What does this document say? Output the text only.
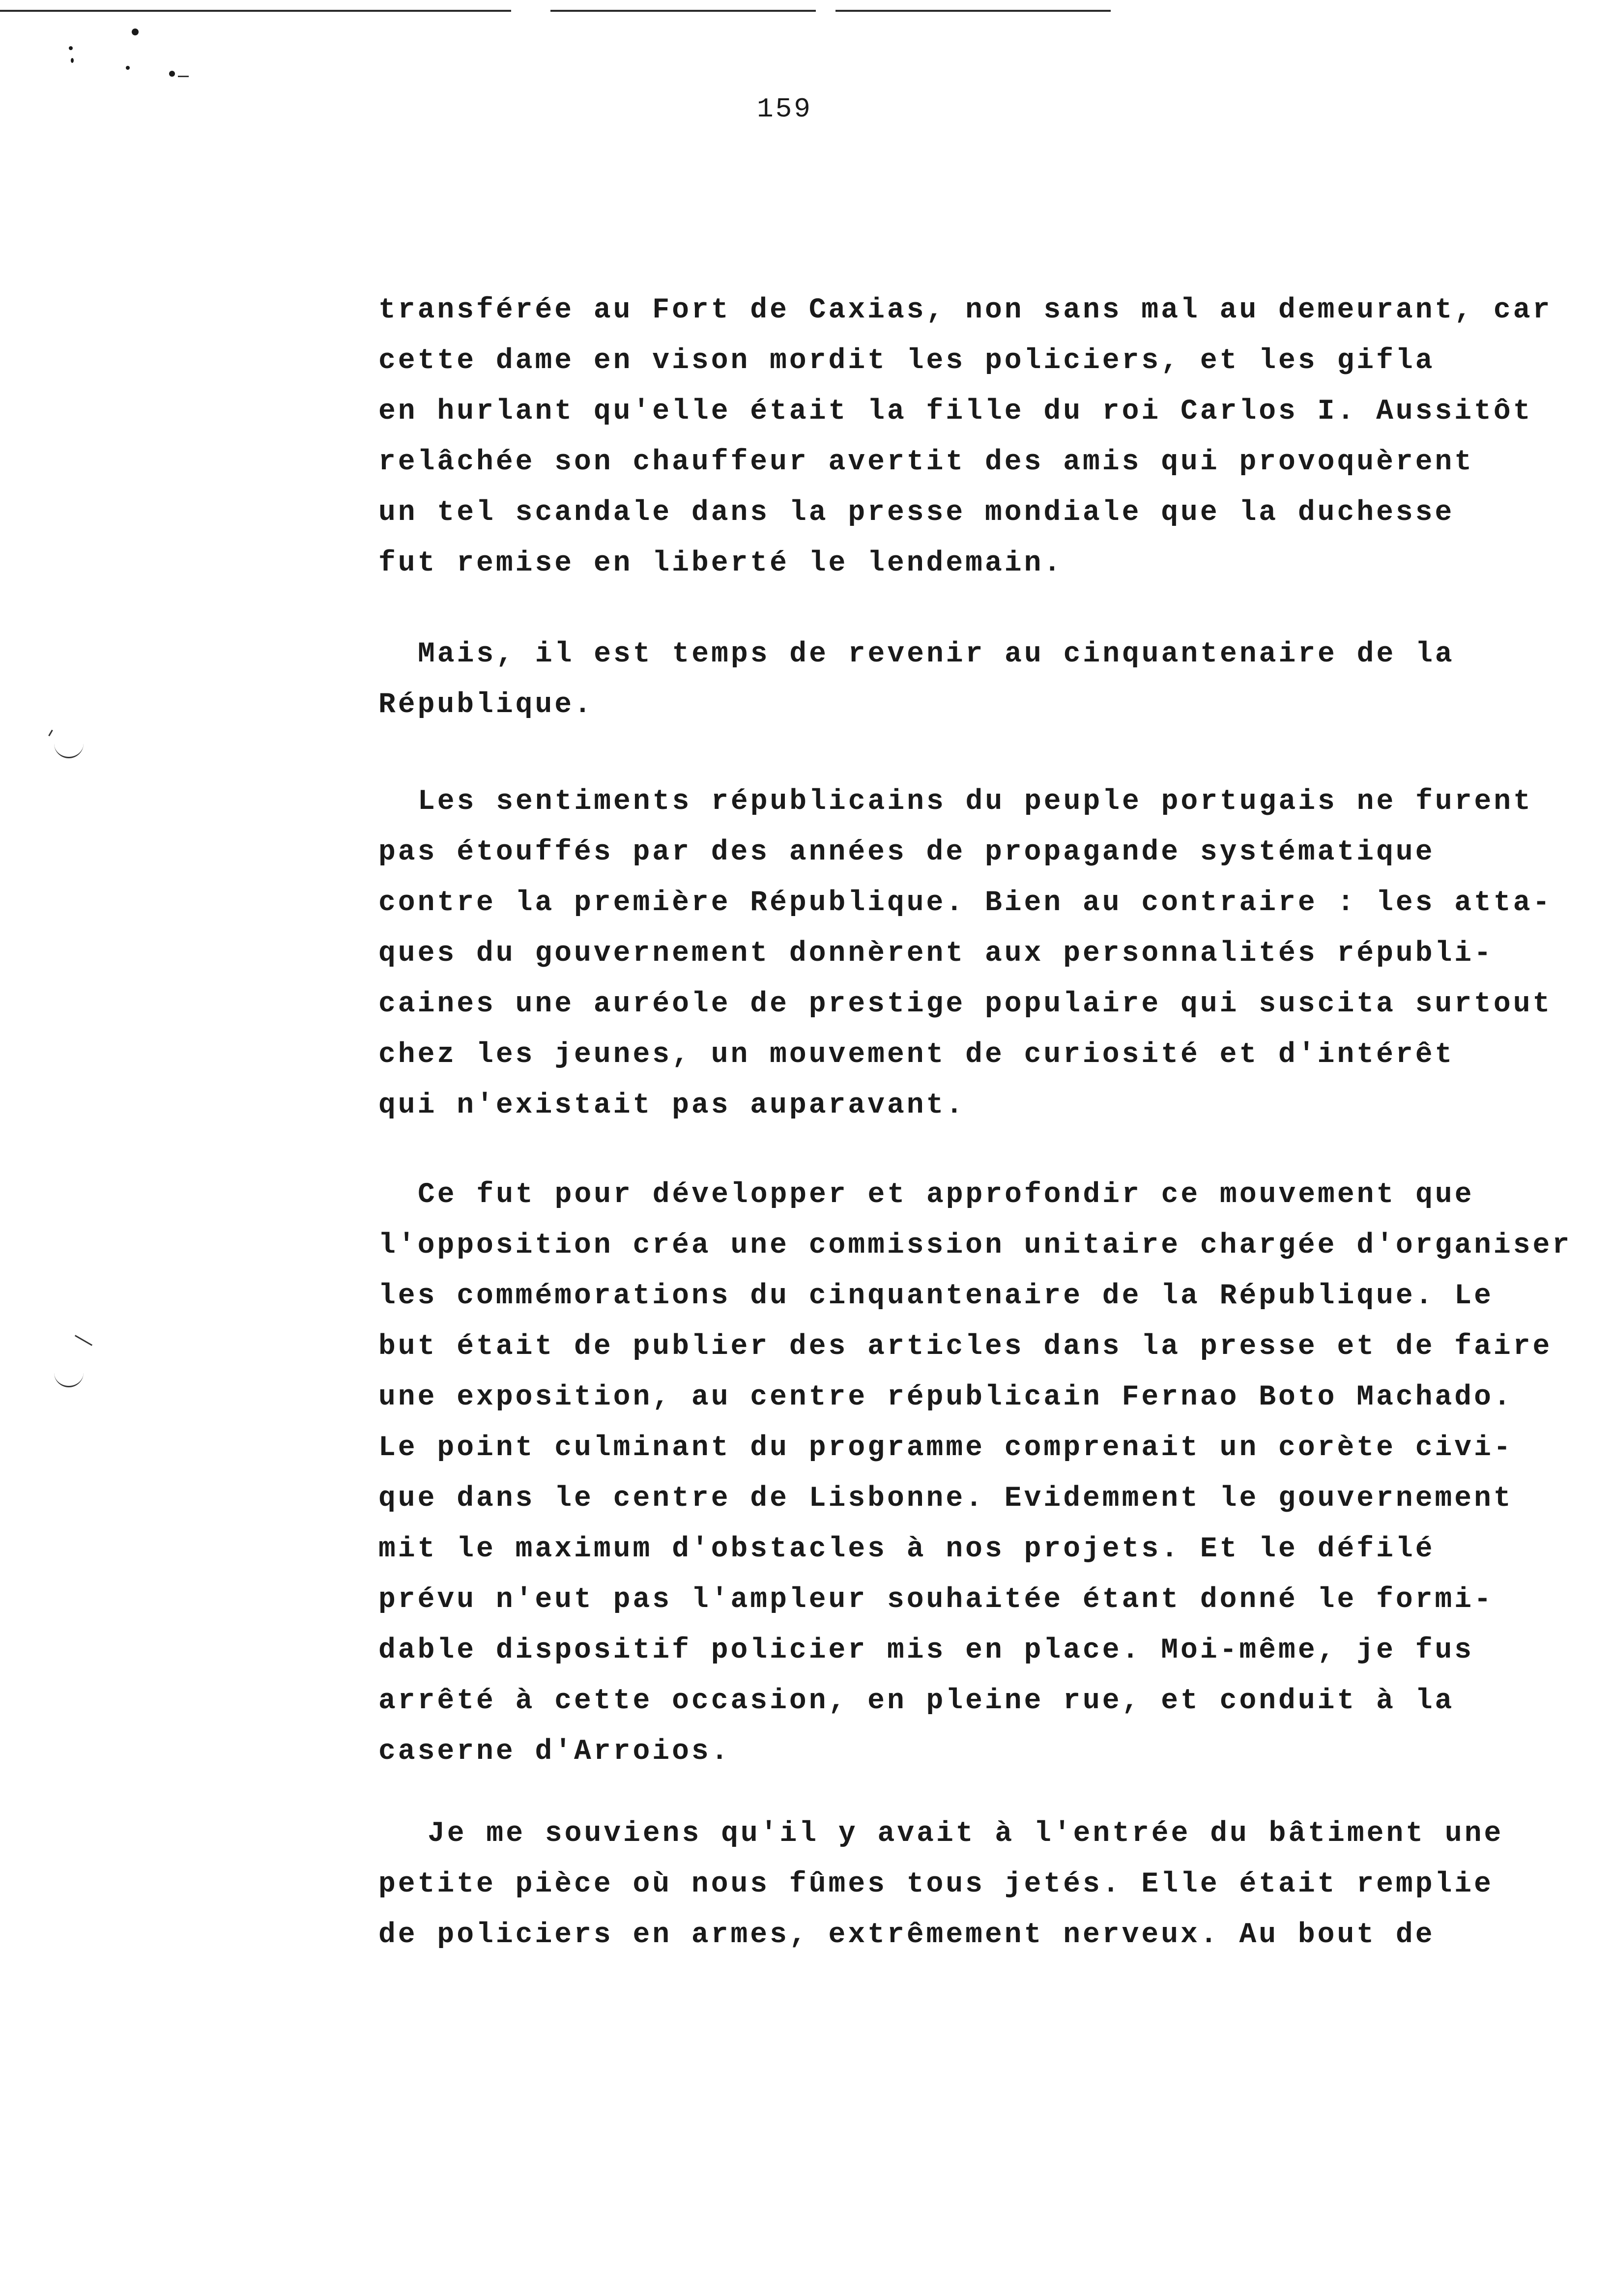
159
transférée au Fort de Caxias, non sans mal au demeurant, car
cette dame en vison mordit les policiers, et les gifla
en hurlant qu'elle était la fille du roi Carlos I. Aussitôt
relâchée son chauffeur avertit des amis qui provoquèrent
un tel scandale dans la presse mondiale que la duchesse
fut remise en liberté le lendemain.
Mais, il est temps de revenir au cinquantenaire de la
République.
Les sentiments républicains du peuple portugais ne furent
pas étouffés par des années de propagande systématique
contre la première République. Bien au contraire : les atta-
ques du gouvernement donnèrent aux personnalités républi-
caines une auréole de prestige populaire qui suscita surtout
chez les jeunes, un mouvement de curiosité et d'intérêt
qui n'existait pas auparavant.
Ce fut pour développer et approfondir ce mouvement que
l'opposition créa une commission unitaire chargée d'organiser
les commémorations du cinquantenaire de la République. Le
but était de publier des articles dans la presse et de faire
une exposition, au centre républicain Fernao Boto Machado.
Le point culminant du programme comprenait un corète civi-
que dans le centre de Lisbonne. Evidemment le gouvernement
mit le maximum d'obstacles à nos projets. Et le défilé
prévu n'eut pas l'ampleur souhaitée étant donné le formi-
dable dispositif policier mis en place. Moi-même, je fus
arrêté à cette occasion, en pleine rue, et conduit à la
caserne d'Arroios.
Je me souviens qu'il y avait à l'entrée du bâtiment une
petite pièce où nous fûmes tous jetés. Elle était remplie
de policiers en armes, extrêmement nerveux. Au bout de
